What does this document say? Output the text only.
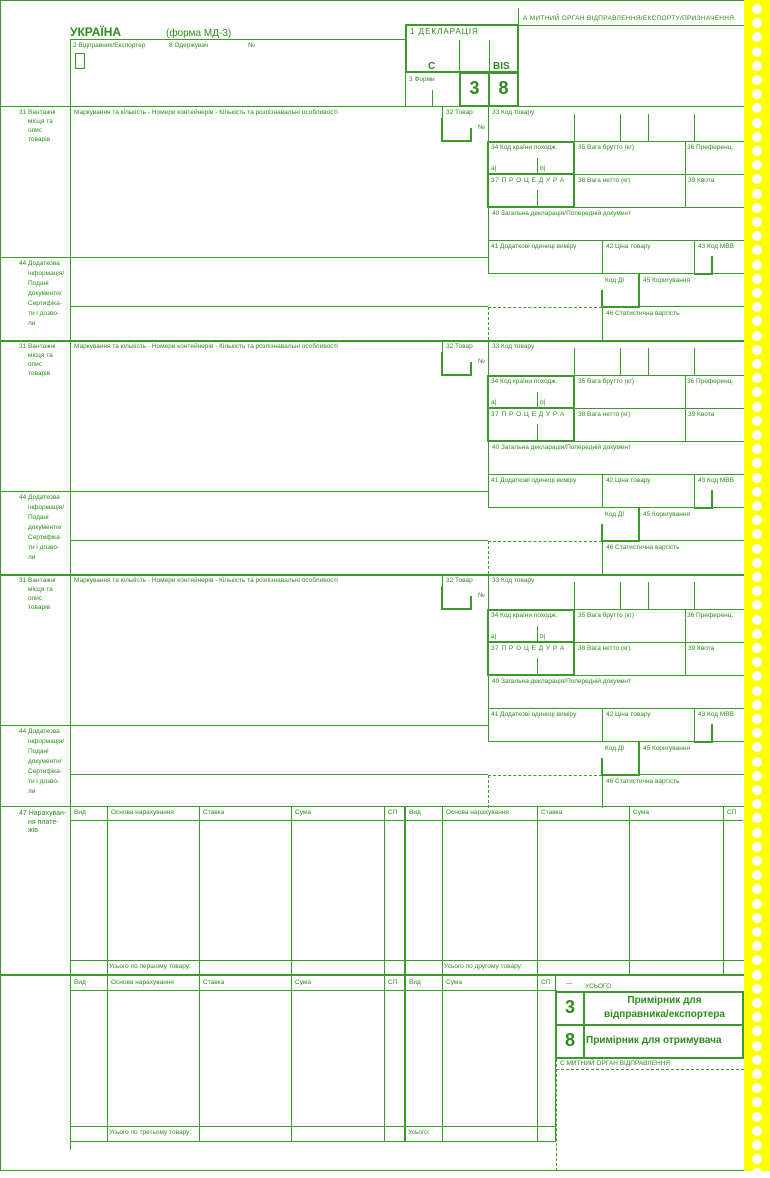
УКРАЇНА	(форма МД-3)
А МИТНИЙ ОРГАН ВІДПРАВЛЕННЯ/ЕКСПОРТУ/ПРИЗНАЧЕННЯ
2 Відправник/Експортер	8 Одержувач	№
1 ДЕКЛАРАЦІЯ
C	BIS
3 Форми	3	8
31 Вантажні
місця та
опис
товарів
Маркування та кількість - Номери контейнерів - Кількість та розпізнавальні особливості	32 Товар
№
33 Код товару
34 Код країни походж.
a|	b|
35 Вага брутто (кг)	36 Преференц.
37 П Р О Ц Е Д У Р А 38 Вага нетто (кг)	39 Квота
40 Загальна декларація/Попередній документ
41 Додаткові одиниці виміру	42 Ціна товару	43 Код МВВ
44 Додаткова
інформація/
Подані
документи/
Сертифіка-
ти і дозво-
ли
Код ДІ	45 Коригування
46 Статистична вартість
31 Вантажні
місця та
опис
товарів
Маркування та кількість - Номери контейнерів - Кількість та розпізнавальні особливості	32 Товар
№
33 Код товару
34 Код країни походж.
a|	b|
35 Вага брутто (кг)	36 Преференц.
37 П Р О Ц Е Д У Р А 38 Вага нетто (кг)	39 Квота
40 Загальна декларація/Попередній документ
41 Додаткові одиниці виміру	42 Ціна товару	43 Код МВВ
44 Додаткова
інформація/
Подані
документи/
Сертифіка-
ти і дозво-
ли
Код ДІ	45 Коригування
46 Статистична вартість
31 Вантажні
місця та
опис
товарів
Маркування та кількість - Номери контейнерів - Кількість та розпізнавальні особливості	32 Товар
№
33 Код товару
34 Код країни походж.
a|	b|
35 Вага брутто (кг)	36 Преференц.
37 П Р О Ц Е Д У Р А 38 Вага нетто (кг)	39 Квота
40 Загальна декларація/Попередній документ
41 Додаткові одиниці виміру	42 Ціна товару	43 Код МВВ
44 Додаткова
інформація/
Подані
документи/
Сертифіка-
ти і дозво-
ли
Код ДІ	45 Коригування
46 Статистична вартість
47 Нарахуван-
ня плате-
жів
Вид	Основа нарахування	Ставка	Сума	СП Вид	Основа нарахування	Ставка	Сума	СП
Усього по першому товару:	Усього по другому товару:
Вид	Основа нарахування	Ставка	Сума	СП Вид	Сума	СП
Усього по третьому товару:	Усього:
— УСЬОГО
3	Примірник для
відправника/експортера
8	Примірник для отримувача
С МИТНИЙ ОРГАН ВІДПРАВЛЕННЯ
